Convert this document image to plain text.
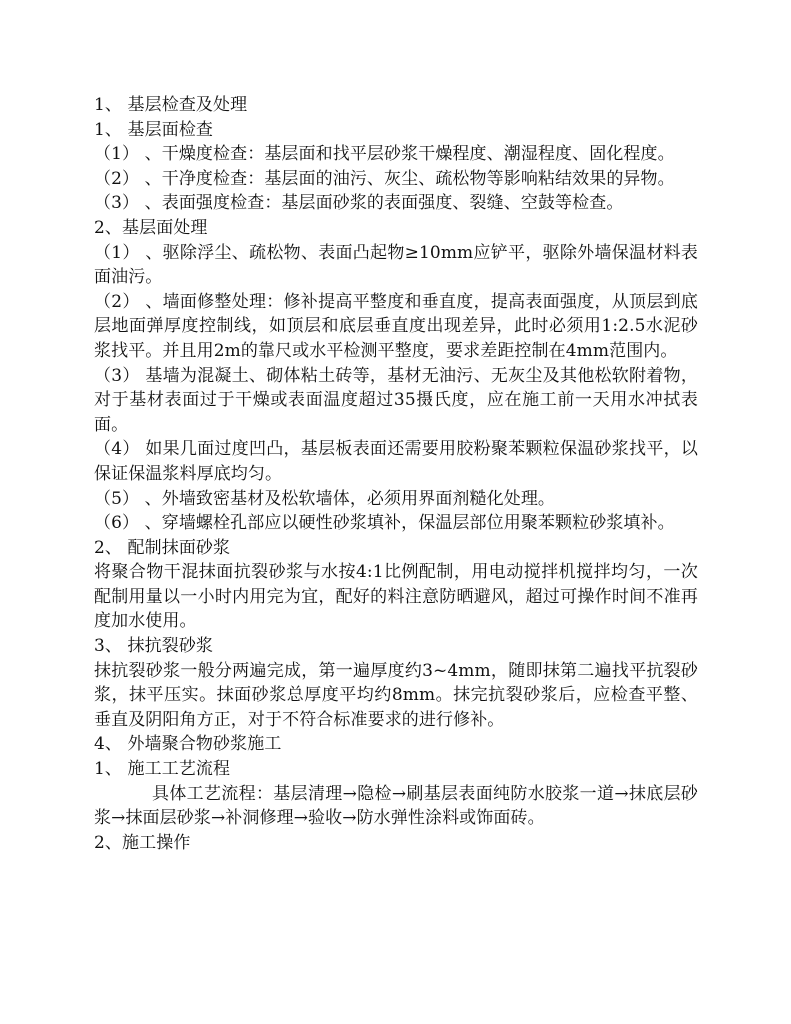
1、 基层检查及处理

1、 基层面检查

（1） 、干燥度检查：基层面和找平层砂浆干燥程度、潮湿程度、固化程度。

（2） 、干净度检查：基层面的油污、灰尘、疏松物等影响粘结效果的异物。

（3） 、表面强度检查：基层面砂浆的表面强度、裂缝、空鼓等检查。

2、基层面处理

（1） 、驱除浮尘、疏松物、表面凸起物≥10mm应铲平，驱除外墙保温材料表面油污。

（2） 、墙面修整处理：修补提高平整度和垂直度，提高表面强度，从顶层到底层地面弹厚度控制线，如顶层和底层垂直度出现差异，此时必须用1:2.5水泥砂浆找平。并且用2m的靠尺或水平检测平整度，要求差距控制在4mm范围内。

（3） 基墙为混凝土、砌体粘土砖等，基材无油污、无灰尘及其他松软附着物，对于基材表面过于干燥或表面温度超过35摄氏度，应在施工前一天用水冲拭表面。

（4） 如果几面过度凹凸，基层板表面还需要用胶粉聚苯颗粒保温砂浆找平，以保证保温浆料厚底均匀。

（5） 、外墙致密基材及松软墙体，必须用界面剂糙化处理。

（6） 、穿墙螺栓孔部应以硬性砂浆填补，保温层部位用聚苯颗粒砂浆填补。

2、 配制抹面砂浆

将聚合物干混抹面抗裂砂浆与水按4:1比例配制，用电动搅拌机搅拌均匀，一次配制用量以一小时内用完为宜，配好的料注意防晒避风，超过可操作时间不准再度加水使用。

3、 抹抗裂砂浆

抹抗裂砂浆一般分两遍完成，第一遍厚度约3~4mm，随即抹第二遍找平抗裂砂浆，抹平压实。抹面砂浆总厚度平均约8mm。抹完抗裂砂浆后，应检查平整、垂直及阴阳角方正，对于不符合标准要求的进行修补。

4、 外墙聚合物砂浆施工

1、 施工工艺流程

具体工艺流程：基层清理→隐检→刷基层表面纯防水胶浆一道→抹底层砂浆→抹面层砂浆→补洞修理→验收→防水弹性涂料或饰面砖。

2、施工操作
